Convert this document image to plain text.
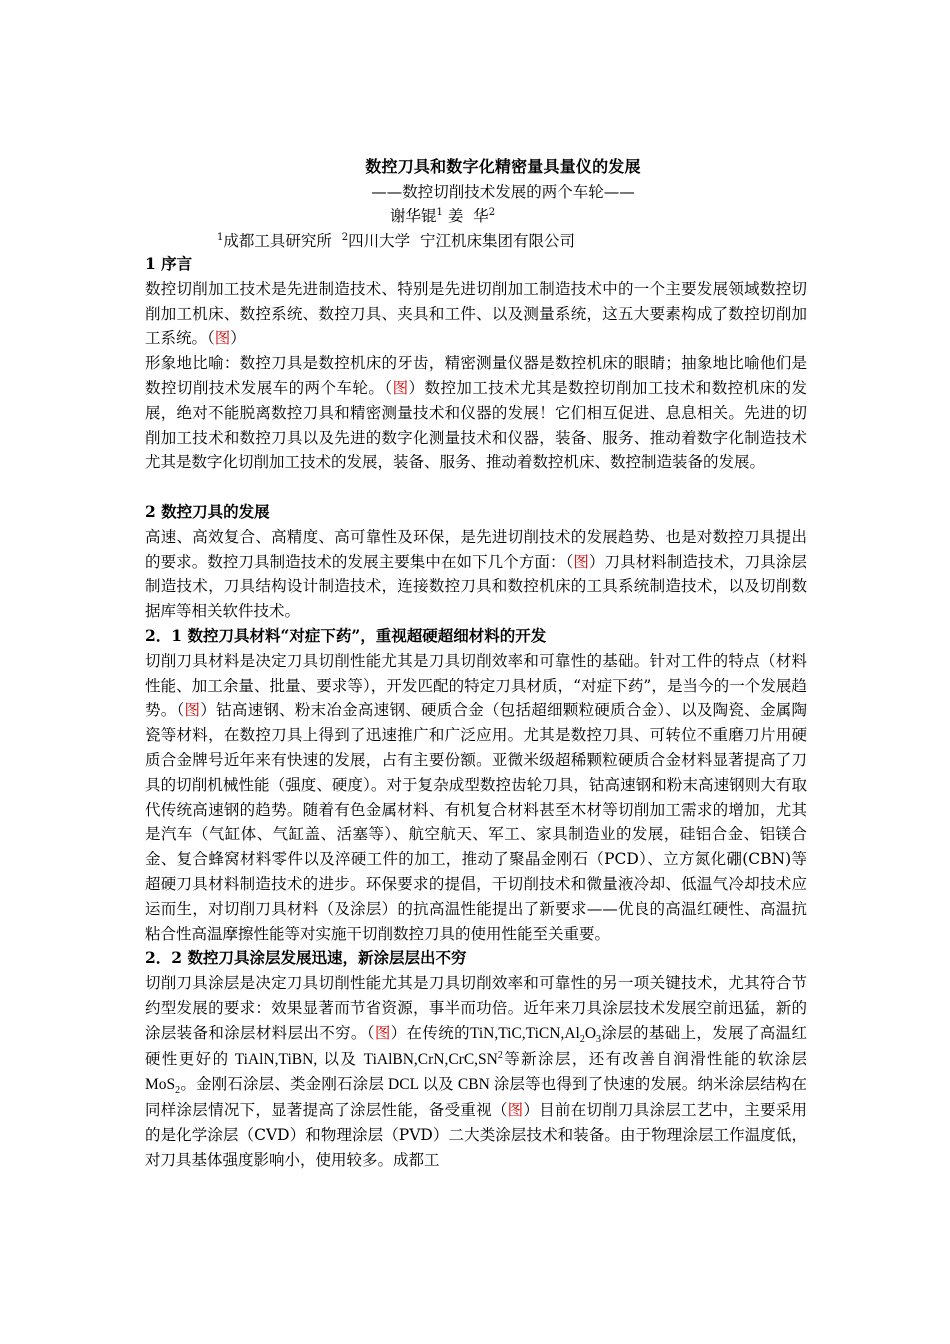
数控刀具和数字化精密量具量仪的发展
——数控切削技术发展的两个车轮——
谢华锟$^1$ 姜  华$^2$
$^1$成都工具研究所 $^2$四川大学  宁江机床集团有限公司

1 序言

数控切削加工技术是先进制造技术、特别是先进切削加工制造技术中的一个主要发展领域数控切削加工机床、数控系统、数控刀具、夹具和工件、以及测量系统，这五大要素构成了数控切削加工系统。（图）

形象地比喻：数控刀具是数控机床的牙齿，精密测量仪器是数控机床的眼睛；抽象地比喻他们是数控切削技术发展车的两个车轮。（图）数控加工技术尤其是数控切削加工技术和数控机床的发展，绝对不能脱离数控刀具和精密测量技术和仪器的发展！它们相互促进、息息相关。先进的切削加工技术和数控刀具以及先进的数字化测量技术和仪器，装备、服务、推动着数字化制造技术尤其是数字化切削加工技术的发展，装备、服务、推动着数控机床、数控制造装备的发展。

2 数控刀具的发展

高速、高效复合、高精度、高可靠性及环保，是先进切削技术的发展趋势、也是对数控刀具提出的要求。数控刀具制造技术的发展主要集中在如下几个方面：（图）刀具材料制造技术，刀具涂层制造技术，刀具结构设计制造技术，连接数控刀具和数控机床的工具系统制造技术，以及切削数据库等相关软件技术。

2．1 数控刀具材料“对症下药”，重视超硬超细材料的开发

切削刀具材料是决定刀具切削性能尤其是刀具切削效率和可靠性的基础。针对工件的特点（材料性能、加工余量、批量、要求等），开发匹配的特定刀具材质，“对症下药”，是当今的一个发展趋势。（图）钴高速钢、粉末冶金高速钢、硬质合金（包括超细颗粒硬质合金）、以及陶瓷、金属陶瓷等材料，在数控刀具上得到了迅速推广和广泛应用。尤其是数控刀具、可转位不重磨刀片用硬质合金牌号近年来有快速的发展，占有主要份额。亚微米级超稀颗粒硬质合金材料显著提高了刀具的切削机械性能（强度、硬度）。对于复杂成型数控齿轮刀具，钴高速钢和粉末高速钢则大有取代传统高速钢的趋势。随着有色金属材料、有机复合材料甚至木材等切削加工需求的增加，尤其是汽车（气缸体、气缸盖、活塞等）、航空航天、军工、家具制造业的发展，硅铝合金、铝镁合金、复合蜂窝材料零件以及淬硬工件的加工，推动了聚晶金刚石（PCD）、立方氮化硼(CBN)等超硬刀具材料制造技术的进步。环保要求的提倡，干切削技术和微量液冷却、低温气冷却技术应运而生，对切削刀具材料（及涂层）的抗高温性能提出了新要求——优良的高温红硬性、高温抗粘合性高温摩擦性能等对实施干切削数控刀具的使用性能至关重要。

2．2 数控刀具涂层发展迅速，新涂层层出不穷

切削刀具涂层是决定刀具切削性能尤其是刀具切削效率和可靠性的另一项关键技术，尤其符合节约型发展的要求：效果显著而节省资源，事半而功倍。近年来刀具涂层技术发展空前迅猛，新的涂层装备和涂层材料层出不穷。（图）在传统的$TiN,TiC,TiCN,Al_2O_3$涂层的基础上，发展了高温红硬性更好的 TiAlN,TiBN, 以及 $TiAlBN,CrN,CrC,SN^2$等新涂层，还有改善自润滑性能的软涂层 MoS$_2$。金刚石涂层、类金刚石涂层 DCL 以及 CBN 涂层等也得到了快速的发展。纳米涂层结构在同样涂层情况下，显著提高了涂层性能，备受重视（图）目前在切削刀具涂层工艺中，主要采用的是化学涂层（CVD）和物理涂层（PVD）二大类涂层技术和装备。由于物理涂层工作温度低，对刀具基体强度影响小，使用较多。成都工
